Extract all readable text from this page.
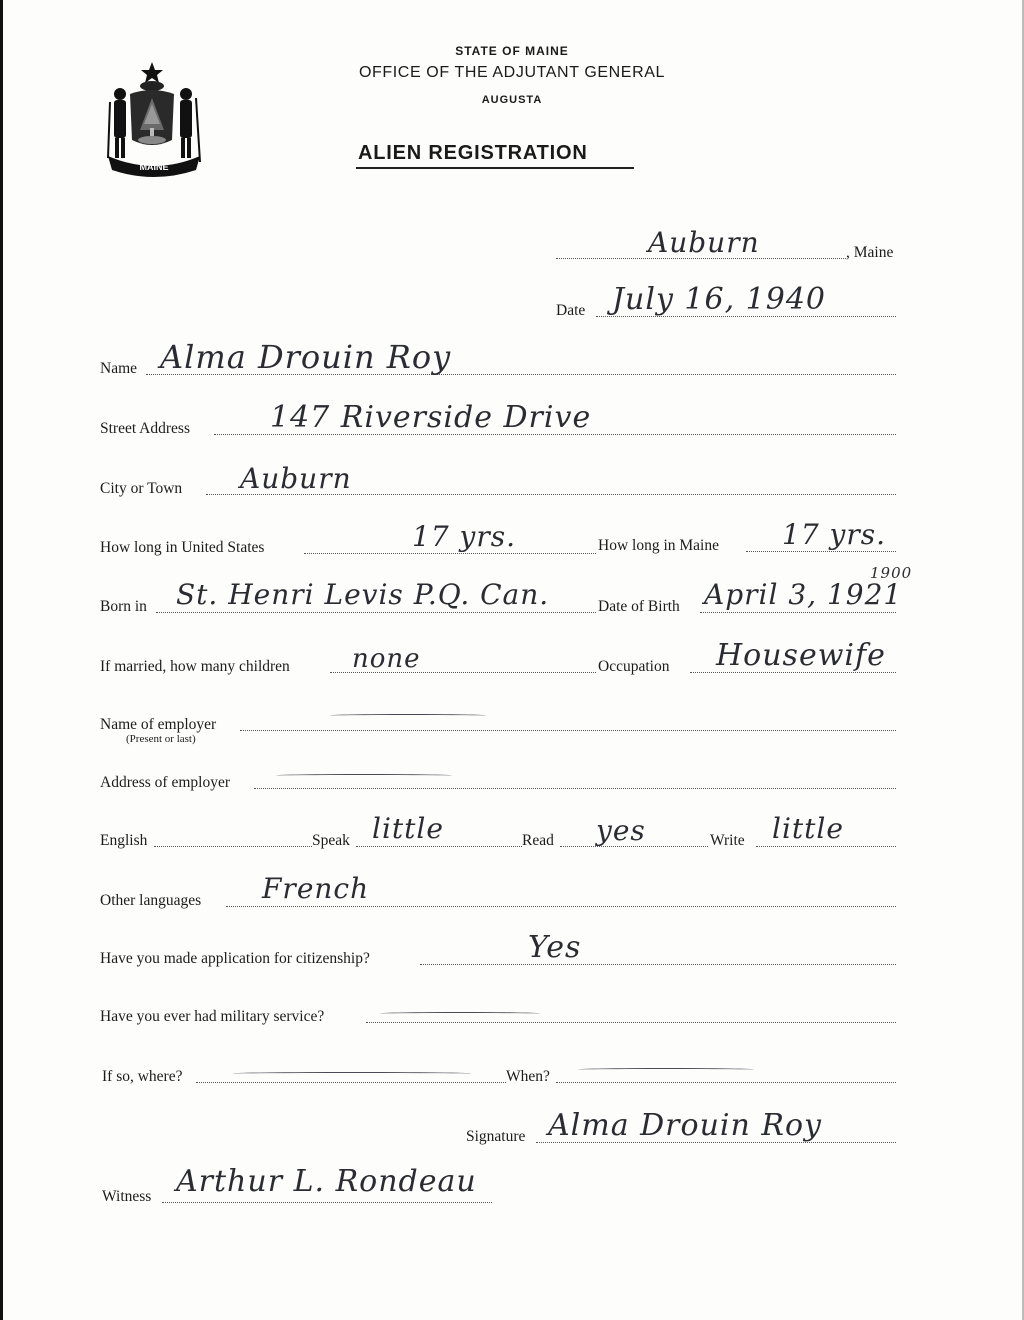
MAINE
STATE OF MAINE
OFFICE OF THE ADJUTANT GENERAL
AUGUSTA
ALIEN REGISTRATION
Auburn	, Maine
Date July 16, 1940
Name Alma Drouin Roy
Street Address	147 Riverside Drive
City or Town Auburn
How long in United States	17 yrs.	How long in Maine 17 yrs.
Born in St. Henri Levis P.Q. Can.	Date of Birth April 3, 1921
1900
If married, how many children none	Occupation Housewife
Name of employer
(Present or last)
Address of employer
English	Speak little	Read yes	Write little
Other languages French
Have you made application for citizenship?	Yes
Have you ever had military service?
If so, where?	When?
Signature Alma Drouin Roy
Witness Arthur L. Rondeau
